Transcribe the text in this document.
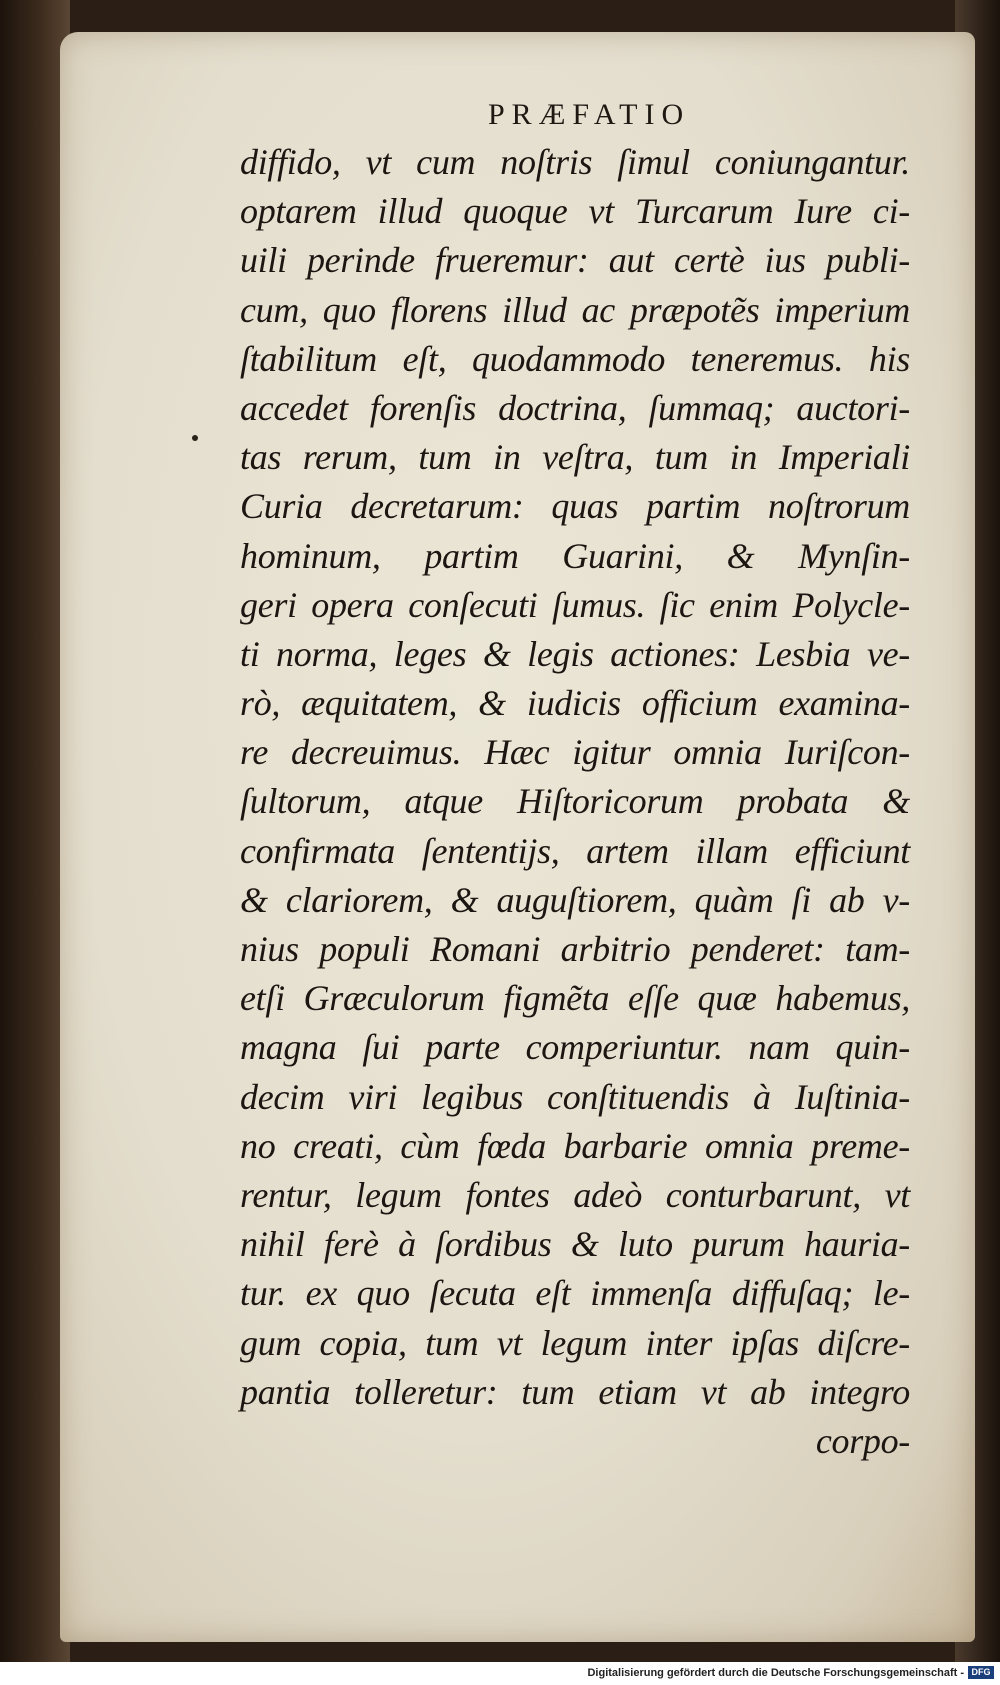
PRÆFATIO
diffido, vt cum noſtris ſimul coniungantur.
optarem illud quoque vt Turcarum Iure ci-
uili perinde frueremur: aut certè ius publi-
cum, quo florens illud ac præpotẽs imperium
ſtabilitum eſt, quodammodo teneremus. his
accedet forenſis doctrina, ſummaq; auctori-
tas rerum, tum in veſtra, tum in Imperiali
Curia decretarum: quas partim noſtrorum
hominum, partim Guarini, & Mynſin-
geri opera conſecuti ſumus. ſic enim Polycle-
ti norma, leges & legis actiones: Lesbia ve-
rò, æquitatem, & iudicis officium examina-
re decreuimus. Hæc igitur omnia Iuriſcon-
ſultorum, atque Hiſtoricorum probata &
confirmata ſententijs, artem illam efficiunt
& clariorem, & auguſtiorem, quàm ſi ab v-
nius populi Romani arbitrio penderet: tam-
etſi Græculorum figmẽta eſſe quæ habemus,
magna ſui parte comperiuntur. nam quin-
decim viri legibus conſtituendis à Iuſtinia-
no creati, cùm fœda barbarie omnia preme-
rentur, legum fontes adeò conturbarunt, vt
nihil ferè à ſordibus & luto purum hauria-
tur. ex quo ſecuta eſt immenſa diffuſaq; le-
gum copia, tum vt legum inter ipſas diſcre-
pantia tolleretur: tum etiam vt ab integro
corpo-
Digitalisierung gefördert durch die Deutsche Forschungsgemeinschaft - DFG
